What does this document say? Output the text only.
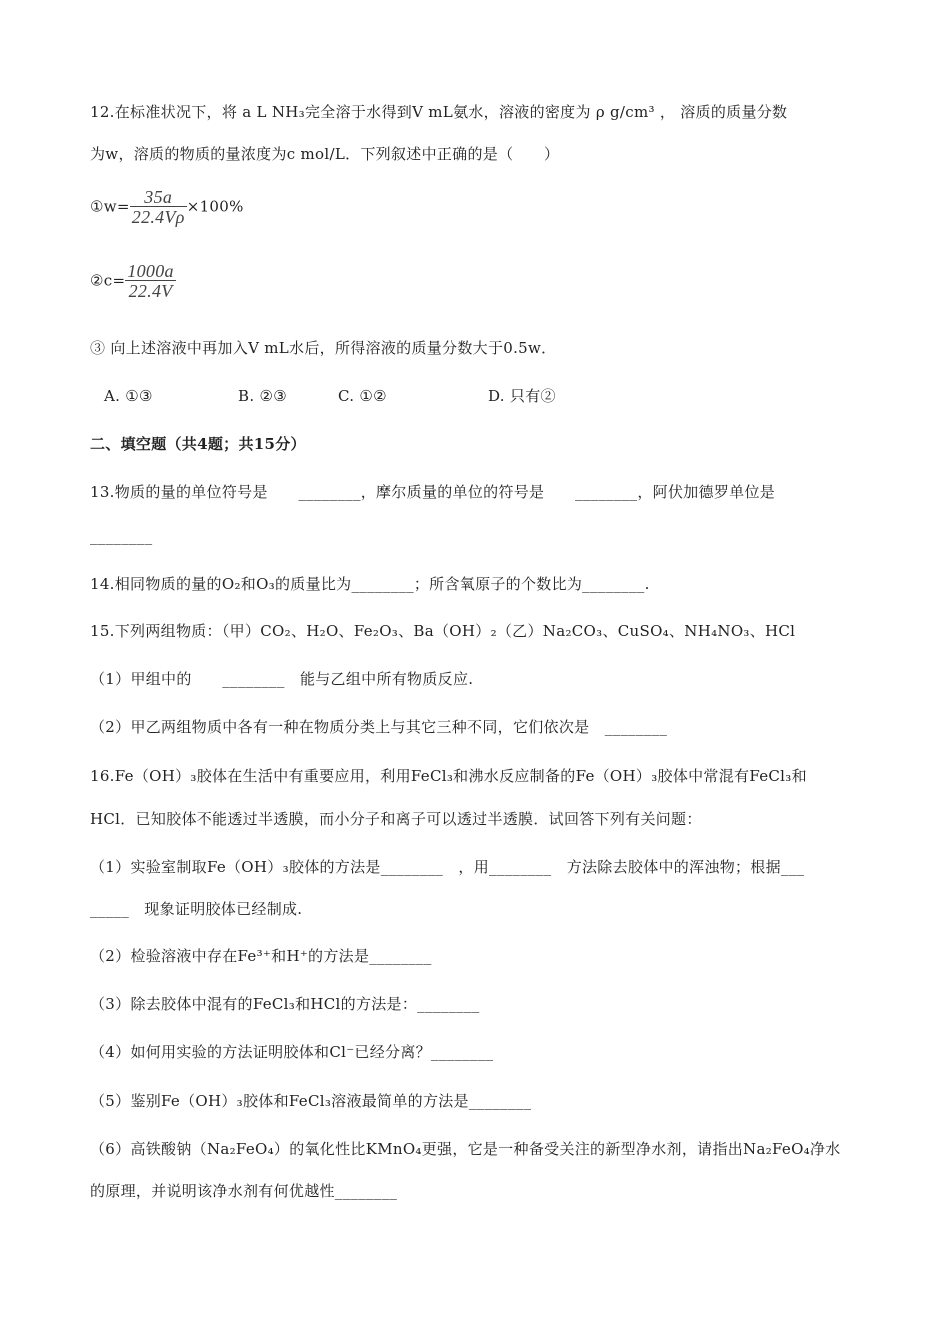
12.在标准状况下，将 a L NH₃完全溶于水得到V mL氨水，溶液的密度为 ρ g/cm³ ， 溶质的质量分数
为w，溶质的物质的量浓度为c mol/L．下列叙述中正确的是（　　）
①w= $\frac{35a}{22.4V\rho} \times 100\%$
②c= $\frac{1000a}{22.4V}$
③ 向上述溶液中再加入V mL水后，所得溶液的质量分数大于0.5w．
A. ①③	B. ②③	C. ①②	D. 只有②
二、填空题（共4题；共15分）
13.物质的量的单位符号是　　________，摩尔质量的单位的符号是　　________，阿伏加德罗单位是
________
14.相同物质的量的O₂和O₃的质量比为________；所含氧原子的个数比为________.
15.下列两组物质：（甲）CO₂、H₂O、Fe₂O₃、Ba（OH）₂（乙）Na₂CO₃、CuSO₄、NH₄NO₃、HCl
（1）甲组中的　　________　能与乙组中所有物质反应.
（2）甲乙两组物质中各有一种在物质分类上与其它三种不同，它们依次是　________
16.Fe（OH）₃胶体在生活中有重要应用，利用FeCl₃和沸水反应制备的Fe（OH）₃胶体中常混有FeCl₃和
HCl．已知胶体不能透过半透膜，而小分子和离子可以透过半透膜．试回答下列有关问题：
（1）实验室制取Fe（OH）₃胶体的方法是________　，用________　方法除去胶体中的浑浊物；根据___
_____　现象证明胶体已经制成.
（2）检验溶液中存在Fe³⁺和H⁺的方法是________
（3）除去胶体中混有的FeCl₃和HCl的方法是：________
（4）如何用实验的方法证明胶体和Cl⁻已经分离？________
（5）鉴别Fe（OH）₃胶体和FeCl₃溶液最简单的方法是________
（6）高铁酸钠（Na₂FeO₄）的氧化性比KMnO₄更强，它是一种备受关注的新型净水剂，请指出Na₂FeO₄净水
的原理，并说明该净水剂有何优越性________
